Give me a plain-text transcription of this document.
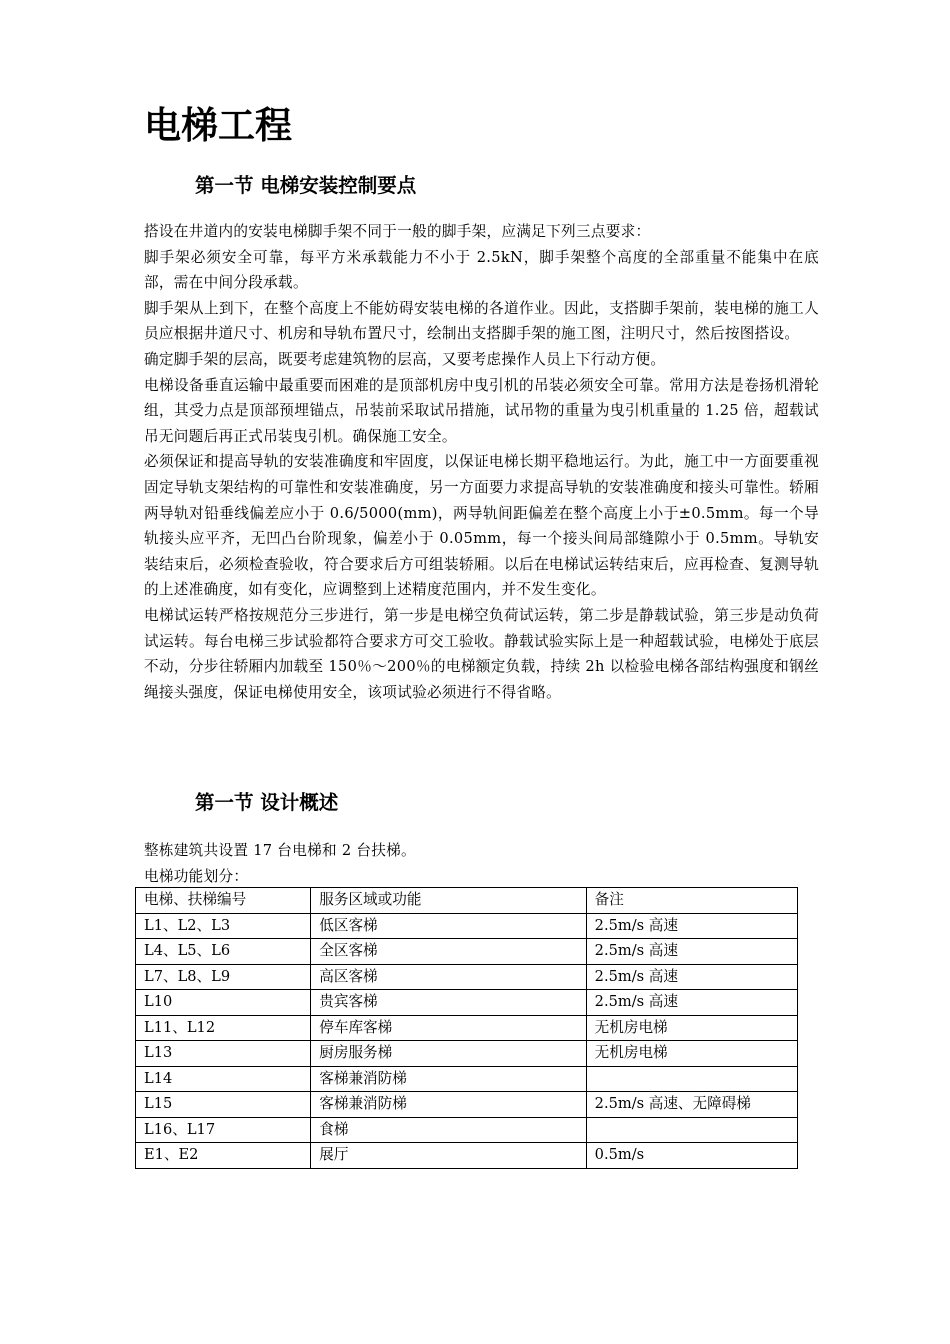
电梯工程
第一节 电梯安装控制要点

搭设在井道内的安装电梯脚手架不同于一般的脚手架，应满足下列三点要求：

脚手架必须安全可靠，每平方米承载能力不小于 2.5kN，脚手架整个高度的全部重量不能集中在底部，需在中间分段承载。

脚手架从上到下，在整个高度上不能妨碍安装电梯的各道作业。因此，支搭脚手架前，装电梯的施工人员应根据井道尺寸、机房和导轨布置尺寸，绘制出支搭脚手架的施工图，注明尺寸，然后按图搭设。

确定脚手架的层高，既要考虑建筑物的层高，又要考虑操作人员上下行动方便。

电梯设备垂直运输中最重要而困难的是顶部机房中曳引机的吊装必须安全可靠。常用方法是卷扬机滑轮组，其受力点是顶部预埋锚点，吊装前采取试吊措施，试吊物的重量为曳引机重量的 1.25 倍，超载试吊无问题后再正式吊装曳引机。确保施工安全。

必须保证和提高导轨的安装准确度和牢固度，以保证电梯长期平稳地运行。为此，施工中一方面要重视固定导轨支架结构的可靠性和安装准确度，另一方面要力求提高导轨的安装准确度和接头可靠性。轿厢两导轨对铅垂线偏差应小于 0.6/5000(mm)，两导轨间距偏差在整个高度上小于±0.5mm。每一个导轨接头应平齐，无凹凸台阶现象，偏差小于 0.05mm，每一个接头间局部缝隙小于 0.5mm。导轨安装结束后，必须检查验收，符合要求后方可组装轿厢。以后在电梯试运转结束后，应再检查、复测导轨的上述准确度，如有变化，应调整到上述精度范围内，并不发生变化。

电梯试运转严格按规范分三步进行，第一步是电梯空负荷试运转，第二步是静载试验，第三步是动负荷试运转。每台电梯三步试验都符合要求方可交工验收。静载试验实际上是一种超载试验，电梯处于底层不动，分步往轿厢内加载至 150％～200％的电梯额定负载，持续 2h 以检验电梯各部结构强度和钢丝绳接头强度，保证电梯使用安全，该项试验必须进行不得省略。

第一节 设计概述

整栋建筑共设置 17 台电梯和 2 台扶梯。

电梯功能划分：

电梯、扶梯编号	服务区域或功能	备注
L1、L2、L3	低区客梯	2.5m/s 高速
L4、L5、L6	全区客梯	2.5m/s 高速
L7、L8、L9	高区客梯	2.5m/s 高速
L10	贵宾客梯	2.5m/s 高速
L11、L12	停车库客梯	无机房电梯
L13	厨房服务梯	无机房电梯
L14	客梯兼消防梯	
L15	客梯兼消防梯	2.5m/s 高速、无障碍梯
L16、L17	食梯	
E1、E2	展厅	0.5m/s
